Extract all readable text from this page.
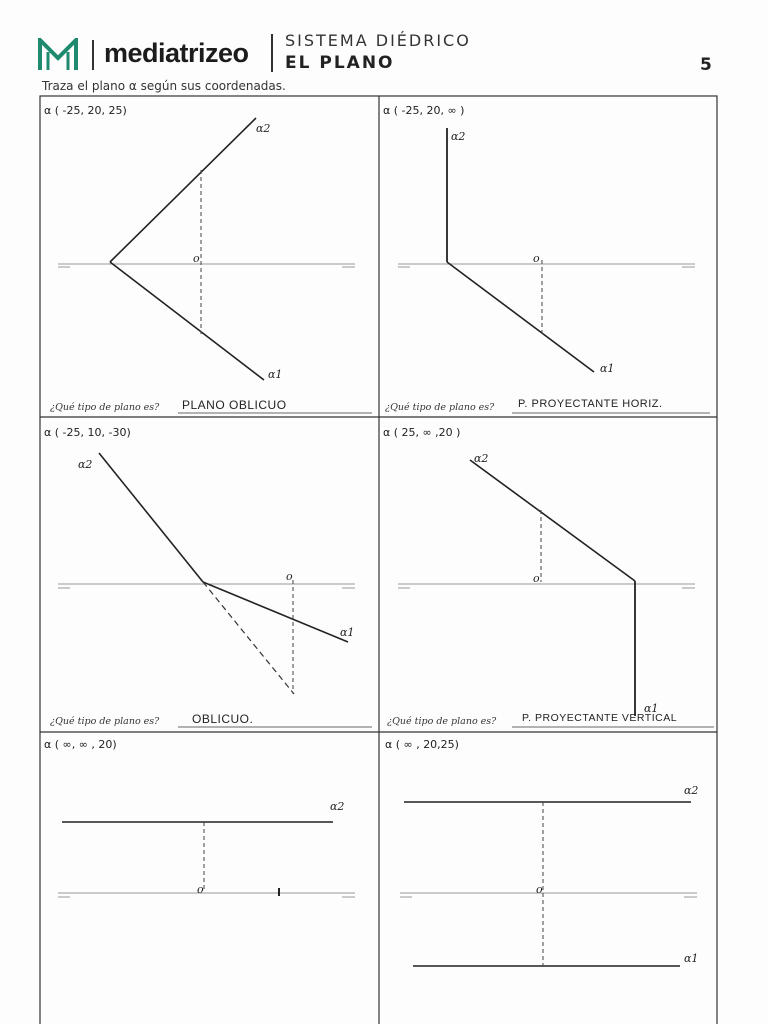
mediatrizeo SISTEMA DIÉDRICO
EL PLANO	5
Traza el plano α según sus coordenadas.
α2
α1
o
α2
α1
o
α2
α1
o
α2
α1
o
α2
o
α2
α1
o
α ( -25, 20, 25)	α ( -25, 20, ∞ )
α ( -25, 10, -30)	α ( 25, ∞ ,20 )
α ( ∞, ∞ , 20)	α ( ∞ , 20,25)
¿Qué tipo de plano es?	¿Qué tipo de plano es?
¿Qué tipo de plano es?	¿Qué tipo de plano es?
PLANO OBLICUO	P. PROYECTANTE HORIZ.
OBLICUO.	P. PROYECTANTE VERTICAL
